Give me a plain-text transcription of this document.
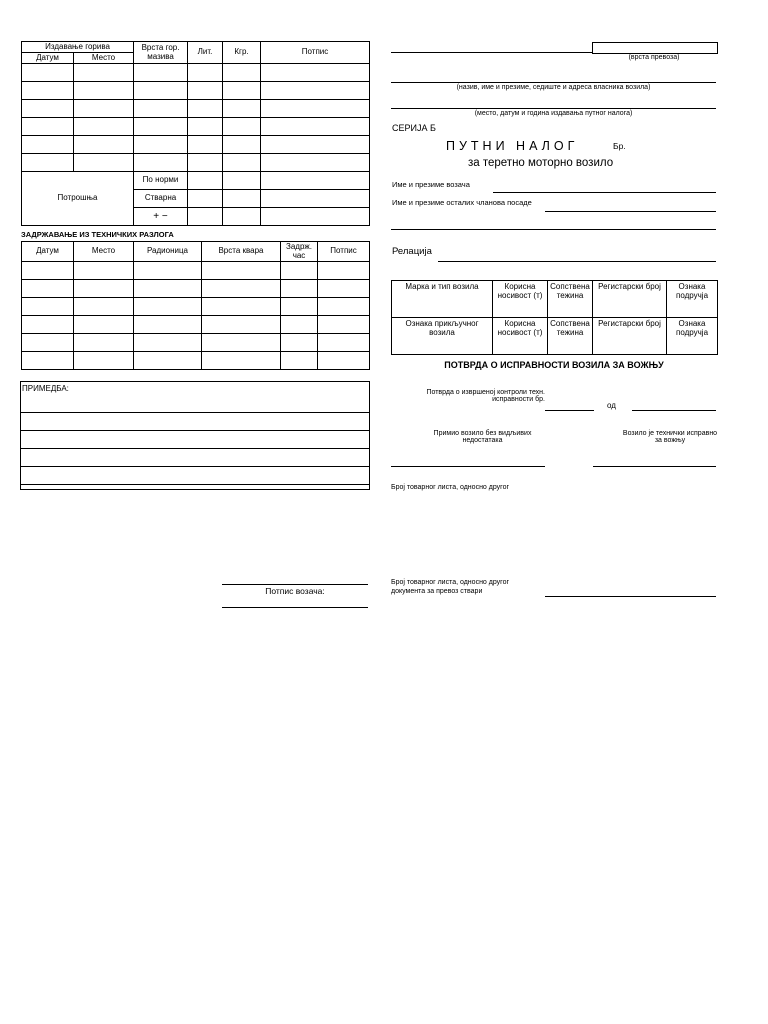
Издавање горива		Врста гор. мазива	Лит.	Кгр.	Потпис
Датум	Место				

Потрошња		По норми			
		Стварна			
		+ −			
ЗАДРЖАВАЊЕ ИЗ ТЕХНИЧКИХ РАЗЛОГА
Датум	Место	Радионица	Врста квара	Задрж. час	Потпис

ПРИМЕДБА:
Потпис возача:
(врста превоза)
(назив, име и презиме, седиште и адреса власника возила)
(место, датум и година издавања путног налога)
СЕРИЈА Б
ПУТНИ НАЛОГ	Бр.
за теретно моторно возило
Име и презиме возача
Име и презиме осталих чланова посаде
Релација
Марка и тип возила	Корисна носивост (т)	Сопствена тежина	Регистарски број	Ознака подручја
Ознака прикључног возила	Корисна носивост (т)	Сопствена тежина	Регистарски број	Ознака подручја
ПОТВРДА О ИСПРАВНОСТИ ВОЗИЛА ЗА ВОЖЊУ
Потврда о извршеној контроли техн. исправности бр.
од
Примио возило без видљивих недостатака
Возило је технички исправно за вожњу
Број товарног листа, односно другог
Број товарног листа, односно другог документа за превоз ствари
